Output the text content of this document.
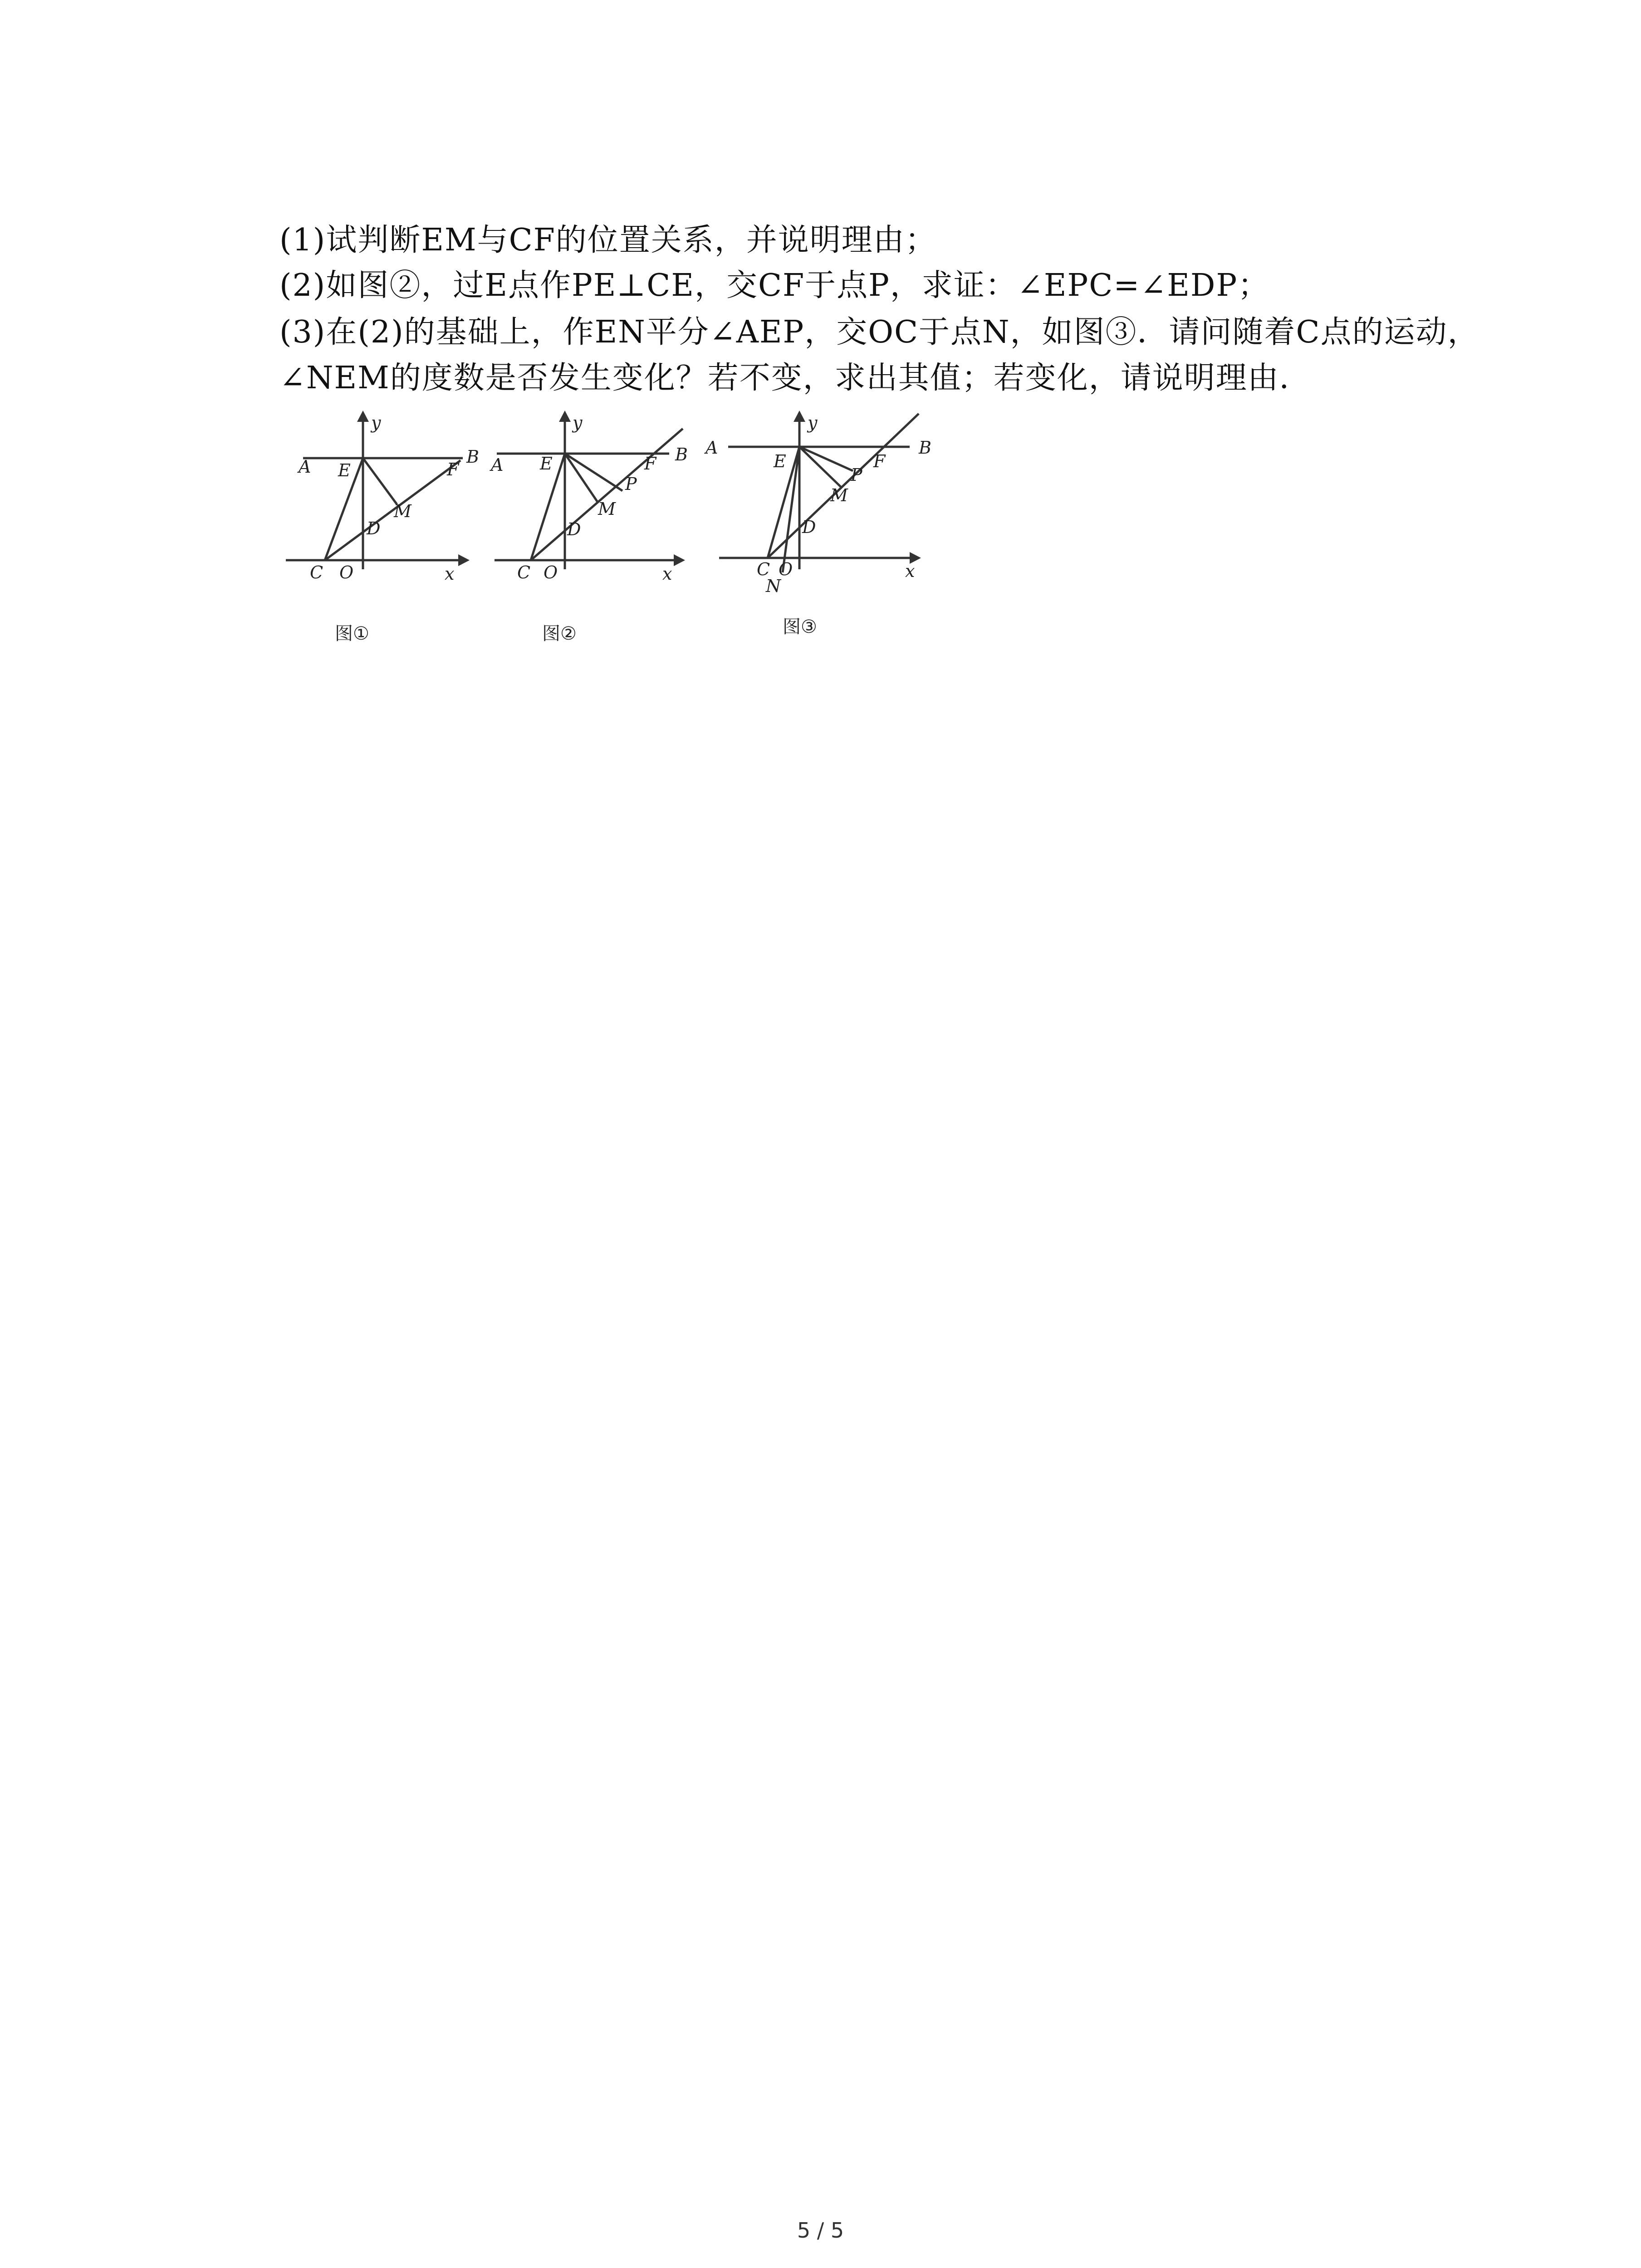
(1)试判断EM与CF的位置关系，并说明理由；
(2)如图②，过E点作PE⊥CE，交CF于点P，求证：∠EPC=∠EDP；
(3)在(2)的基础上，作EN平分∠AEP，交OC于点N，如图③．请问随着C点的运动，
∠NEM的度数是否发生变化？若不变，求出其值；若变化，请说明理由．
A	B
E	F
M
D
C O	x
y
图①
A
B
E	F
P
M
D
C O	x
y
图②
A	B
E	F
P
M
D
C O
N
x
y
图③
5 / 5
